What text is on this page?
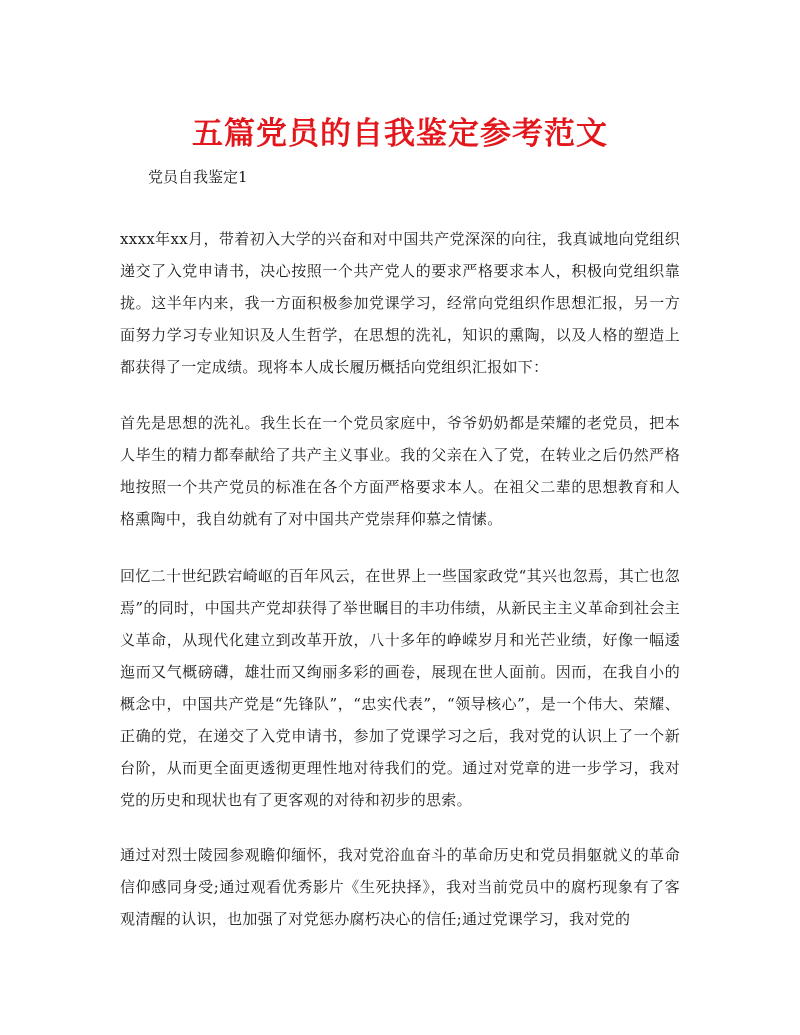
五篇党员的自我鉴定参考范文

党员自我鉴定1

xxxx年xx月，带着初入大学的兴奋和对中国共产党深深的向往，我真诚地向党组织递交了入党申请书，决心按照一个共产党人的要求严格要求本人，积极向党组织靠拢。这半年内来，我一方面积极参加党课学习，经常向党组织作思想汇报，另一方面努力学习专业知识及人生哲学，在思想的洗礼，知识的熏陶，以及人格的塑造上都获得了一定成绩。现将本人成长履历概括向党组织汇报如下：

首先是思想的洗礼。我生长在一个党员家庭中，爷爷奶奶都是荣耀的老党员，把本人毕生的精力都奉献给了共产主义事业。我的父亲在入了党，在转业之后仍然严格地按照一个共产党员的标准在各个方面严格要求本人。在祖父二辈的思想教育和人格熏陶中，我自幼就有了对中国共产党崇拜仰慕之情愫。

回忆二十世纪跌宕崎岖的百年风云，在世界上一些国家政党“其兴也忽焉，其亡也忽焉”的同时，中国共产党却获得了举世瞩目的丰功伟绩，从新民主主义革命到社会主义革命，从现代化建立到改革开放，八十多年的峥嵘岁月和光芒业绩，好像一幅逶迤而又气概磅礴，雄壮而又绚丽多彩的画卷，展现在世人面前。因而，在我自小的概念中，中国共产党是“先锋队”，“忠实代表”，“领导核心”，是一个伟大、荣耀、正确的党，在递交了入党申请书，参加了党课学习之后，我对党的认识上了一个新台阶，从而更全面更透彻更理性地对待我们的党。通过对党章的进一步学习，我对党的历史和现状也有了更客观的对待和初步的思索。

通过对烈士陵园参观瞻仰缅怀，我对党浴血奋斗的革命历史和党员捐躯就义的革命信仰感同身受;通过观看优秀影片《生死抉择》，我对当前党员中的腐朽现象有了客观清醒的认识，也加强了对党惩办腐朽决心的信任;通过党课学习，我对党的
